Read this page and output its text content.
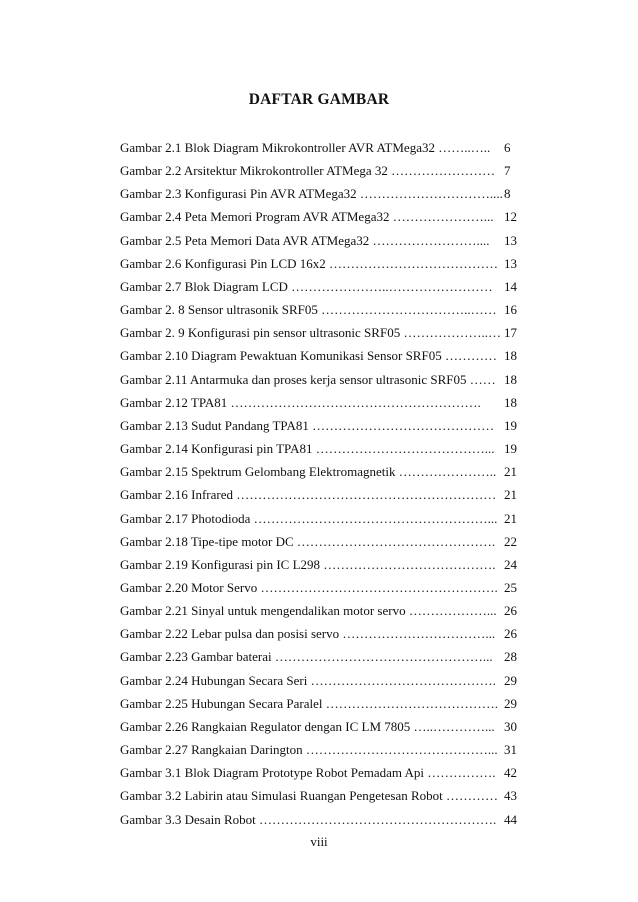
DAFTAR GAMBAR
Gambar 2.1 Blok Diagram Mikrokontroller AVR ATMega32 ……..…..	6
Gambar 2.2 Arsitektur Mikrokontroller ATMega 32 …………………… 7
Gambar 2.3 Konfigurasi Pin AVR ATMega32 ………………………….... 8
Gambar 2.4 Peta Memori Program AVR ATMega32 …………………... 12
Gambar 2.5 Peta Memori Data AVR ATMega32 ……………………....	13
Gambar 2.6 Konfigurasi Pin LCD 16x2 ………………………………… 13
Gambar 2.7 Blok Diagram LCD …………………..…………………… 14
Gambar 2. 8 Sensor ultrasonik SRF05 ……………………………..…… 16
Gambar 2. 9 Konfigurasi pin sensor ultrasonic SRF05 ………………..… 17
Gambar 2.10 Diagram Pewaktuan Komunikasi Sensor SRF05 ………… 18
Gambar 2.11 Antarmuka dan proses kerja sensor ultrasonic SRF05 …… 18
Gambar 2.12 TPA81 ………………………………………………….	18
Gambar 2.13 Sudut Pandang TPA81 …………………………………… 19
Gambar 2.14 Konfigurasi pin TPA81 …………………………………... 19
Gambar 2.15 Spektrum Gelombang Elektromagnetik ………………….. 21
Gambar 2.16 Infrared …………………………………………………… 21
Gambar 2.17 Photodioda ………………………………………………... 21
Gambar 2.18 Tipe-tipe motor DC ………………………………………. 22
Gambar 2.19 Konfigurasi pin IC L298 …………………………………. 24
Gambar 2.20 Motor Servo ………………………………………………. 25
Gambar 2.21 Sinyal untuk mengendalikan motor servo ………………... 26
Gambar 2.22 Lebar pulsa dan posisi servo ……………………………... 26
Gambar 2.23 Gambar baterai …………………………………………... 28
Gambar 2.24 Hubungan Secara Seri ……………………………………. 29
Gambar 2.25 Hubungan Secara Paralel …………………………………. 29
Gambar 2.26 Rangkaian Regulator dengan IC LM 7805 …..…………... 30
Gambar 2.27 Rangkaian Darington ……………………………………... 31
Gambar 3.1 Blok Diagram Prototype Robot Pemadam Api ……………. 42
Gambar 3.2 Labirin atau Simulasi Ruangan Pengetesan Robot ………… 43
Gambar 3.3 Desain Robot ………………………………………………. 44
viii
